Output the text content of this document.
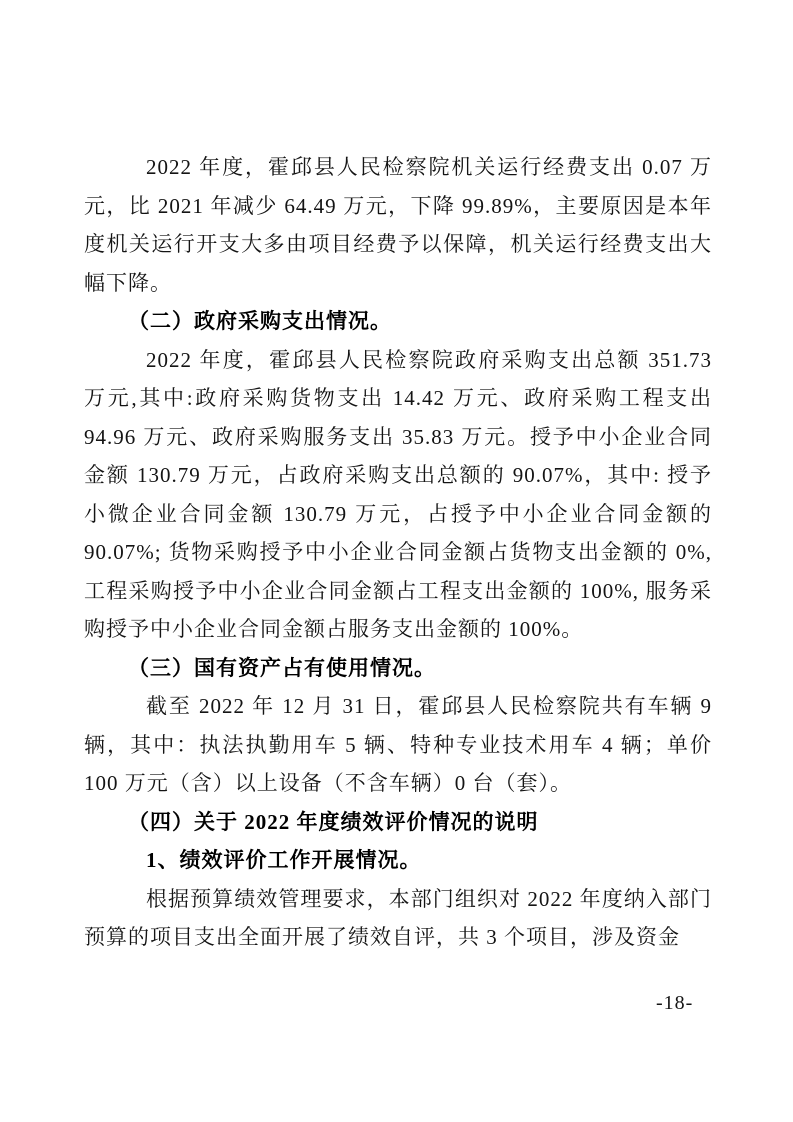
2022 年度，霍邱县人民检察院机关运行经费支出 0.07 万元，比 2021 年减少 64.49 万元，下降 99.89%，主要原因是本年度机关运行开支大多由项目经费予以保障，机关运行经费支出大幅下降。

（二）政府采购支出情况。

2022 年度，霍邱县人民检察院政府采购支出总额 351.73 万元,其中:政府采购货物支出 14.42 万元、政府采购工程支出 94.96 万元、政府采购服务支出 35.83 万元。授予中小企业合同金额 130.79 万元，占政府采购支出总额的 90.07%，其中: 授予小微企业合同金额 130.79 万元，占授予中小企业合同金额的 90.07%; 货物采购授予中小企业合同金额占货物支出金额的 0%, 工程采购授予中小企业合同金额占工程支出金额的 100%, 服务采购授予中小企业合同金额占服务支出金额的 100%。

（三）国有资产占有使用情况。

截至 2022 年 12 月 31 日，霍邱县人民检察院共有车辆 9 辆，其中：执法执勤用车 5 辆、特种专业技术用车 4 辆；单价 100 万元（含）以上设备（不含车辆）0 台（套）。

（四）关于 2022 年度绩效评价情况的说明

1、绩效评价工作开展情况。

根据预算绩效管理要求，本部门组织对 2022 年度纳入部门预算的项目支出全面开展了绩效自评，共 3 个项目，涉及资金

-18-
